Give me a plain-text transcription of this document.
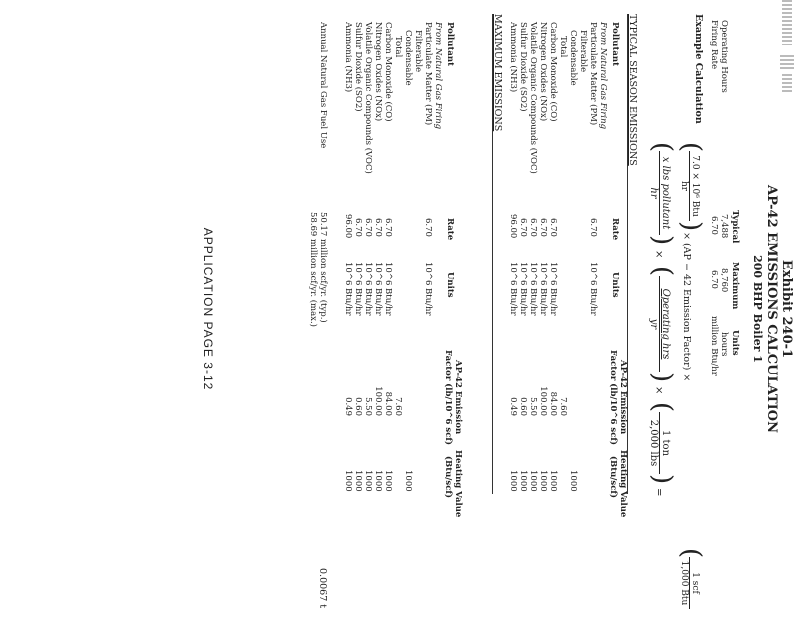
Exhibit 240-1
AP-42 EMISSIONS CALCULATION
200 BHP Boiler 1
Typical
Maximum
Units
Operating Hours
7,488
8,760
hours
Firing Rate
6.70
6.70
million Btu/hr
Example Calculation
(
7.0 × 10⁶ Btu
hr
)
× (AP − 42 Emission Factor) ×
(
1 scf
1,000 Btu
(
x lbs pollutant
hr
)
×
(
Operating hrs
yr
)
×
(
1 ton
2,000 lbs
)
=
TYPICAL SEASON EMISSIONS
Pollutant
Rate
Units
AP-42 Emission
Factor (lb/10^6 scf)
Heating Value
(Btu/scf)
From Natural Gas Firing
Particulate Matter (PM)
6.70
10^6 Btu/hr
Filterable
Condensable
Total
7.60
1000
Carbon Monoxide (CO)
6.70
10^6 Btu/hr
84.00
1000
Nitrogen Oxides (NOx)
6.70
10^6 Btu/hr
100.00
1000
Volatile Organic Compounds (VOC)
6.70
10^6 Btu/hr
5.50
1000
Sulfur Dioxide (SO2)
6.70
10^6 Btu/hr
0.60
1000
Ammonia (NH3)
96.00
10^6 Btu/hr
0.49
1000
MAXIMUM EMISSIONS
Pollutant
Rate
Units
AP-42 Emission
Factor (lb/10^6 scf)
Heating Value
(Btu/scf)
From Natural Gas Firing
Particulate Matter (PM)
6.70
10^6 Btu/hr
Filterable
Condensable
Total
7.60
1000
Carbon Monoxide (CO)
6.70
10^6 Btu/hr
84.00
1000
Nitrogen Oxides (NOx)
6.70
10^6 Btu/hr
100.00
1000
Volatile Organic Compounds (VOC)
6.70
10^6 Btu/hr
5.50
1000
Sulfur Dioxide (SO2)
6.70
10^6 Btu/hr
0.60
1000
Ammonia (NH3)
96.00
10^6 Btu/hr
0.49
1000
Annual Natural Gas Fuel Use
50.17 million scf/yr. (typ.)
58.69 million scf/yr. (max.)
0.0067 t
APPLICATION PAGE 3-12
